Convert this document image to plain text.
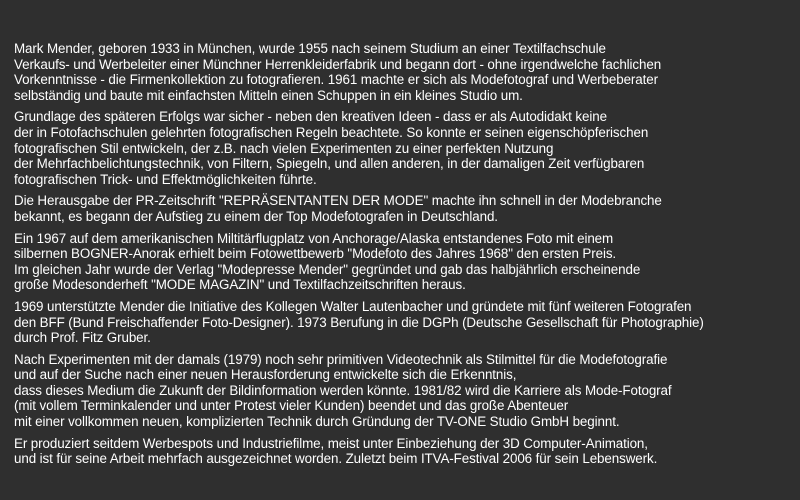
Mark Mender, geboren 1933 in München, wurde 1955 nach seinem Studium an einer Textilfachschule
Verkaufs- und Werbeleiter einer Münchner Herrenkleiderfabrik und begann dort - ohne irgendwelche fachlichen
Vorkenntnisse - die Firmenkollektion zu fotografieren. 1961 machte er sich als Modefotograf und Werbeberater
selbständig und baute mit einfachsten Mitteln einen Schuppen in ein kleines Studio um.
Grundlage des späteren Erfolgs war sicher - neben den kreativen Ideen - dass er als Autodidakt keine
der in Fotofachschulen gelehrten fotografischen Regeln beachtete. So konnte er seinen eigenschöpferischen
fotografischen Stil entwickeln, der z.B. nach vielen Experimenten zu einer perfekten Nutzung
der Mehrfachbelichtungstechnik, von Filtern, Spiegeln, und allen anderen, in der damaligen Zeit verfügbaren
fotografischen Trick- und Effektmöglichkeiten führte.
Die Herausgabe der PR-Zeitschrift "REPRÄSENTANTEN DER MODE" machte ihn schnell in der Modebranche
bekannt, es begann der Aufstieg zu einem der Top Modefotografen in Deutschland.
Ein 1967 auf dem amerikanischen Miltitärflugplatz von Anchorage/Alaska entstandenes Foto mit einem
silbernen BOGNER-Anorak erhielt beim Fotowettbewerb "Modefoto des Jahres 1968" den ersten Preis.
Im gleichen Jahr wurde der Verlag "Modepresse Mender" gegründet und gab das halbjährlich erscheinende
große Modesonderheft "MODE MAGAZIN" und Textilfachzeitschriften heraus.
1969 unterstützte Mender die Initiative des Kollegen Walter Lautenbacher und gründete mit fünf weiteren Fotografen
den BFF (Bund Freischaffender Foto-Designer). 1973 Berufung in die DGPh (Deutsche Gesellschaft für Photographie)
durch Prof. Fitz Gruber.
Nach Experimenten mit der damals (1979) noch sehr primitiven Videotechnik als Stilmittel für die Modefotografie
und auf der Suche nach einer neuen Herausforderung entwickelte sich die Erkenntnis,
dass dieses Medium die Zukunft der Bildinformation werden könnte. 1981/82 wird die Karriere als Mode-Fotograf
(mit vollem Terminkalender und unter Protest vieler Kunden) beendet und das große Abenteuer
mit einer vollkommen neuen, komplizierten Technik durch Gründung der TV-ONE Studio GmbH beginnt.
Er produziert seitdem Werbespots und Industriefilme, meist unter Einbeziehung der 3D Computer-Animation,
und ist für seine Arbeit mehrfach ausgezeichnet worden. Zuletzt beim ITVA-Festival 2006 für sein Lebenswerk.
